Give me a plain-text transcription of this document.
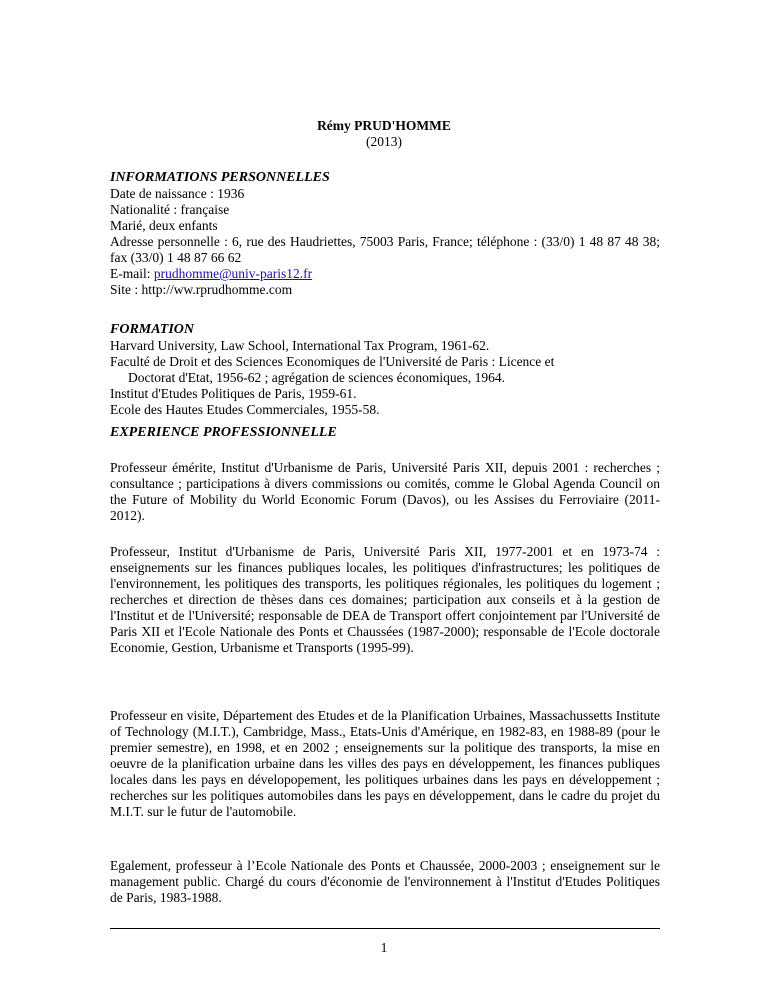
Rémy PRUD'HOMME
(2013)

INFORMATIONS PERSONNELLES

Date de naissance : 1936
Nationalité : française
Marié, deux enfants
Adresse personnelle : 6, rue des Haudriettes, 75003 Paris, France; téléphone : (33/0) 1 48 87 48 38; fax (33/0) 1 48 87 66 62
E-mail: prudhomme@univ-paris12.fr
Site : http://ww.rprudhomme.com

FORMATION

Harvard University, Law School, International Tax Program, 1961-62.
Faculté de Droit et des Sciences Economiques de l'Université de Paris : Licence et
Doctorat d'Etat, 1956-62 ; agrégation de sciences économiques, 1964.
Institut d'Etudes Politiques de Paris, 1959-61.
Ecole des Hautes Etudes Commerciales, 1955-58.

EXPERIENCE PROFESSIONNELLE

Professeur émérite, Institut d'Urbanisme de Paris, Université Paris XII, depuis 2001 : recherches ; consultance ; participations à divers commissions ou comités, comme le Global Agenda Council on the Future of Mobility du World Economic Forum (Davos), ou les Assises du Ferroviaire (2011-2012).
Professeur, Institut d'Urbanisme de Paris, Université Paris XII, 1977-2001 et en 1973-74 : enseignements sur les finances publiques locales, les politiques d'infrastructures; les politiques de l'environnement, les politiques des transports, les politiques régionales, les politiques du logement ; recherches et direction de thèses dans ces domaines; participation aux conseils et à la gestion de l'Institut et de l'Université; responsable de DEA de Transport offert conjointement par l'Université de Paris XII et l'Ecole Nationale des Ponts et Chaussées (1987-2000); responsable de l'Ecole doctorale Economie, Gestion, Urbanisme et Transports (1995-99).
Professeur en visite, Département des Etudes et de la Planification Urbaines, Massachussetts Institute of Technology (M.I.T.), Cambridge, Mass., Etats-Unis d'Amérique, en 1982-83, en 1988-89 (pour le premier semestre), en 1998, et en 2002 ; enseignements sur la politique des transports, la mise en oeuvre de la planification urbaine dans les villes des pays en développement, les finances publiques locales dans les pays en dévelopopement, les politiques urbaines dans les pays en développement ; recherches sur les politiques automobiles dans les pays en développement, dans le cadre du projet du M.I.T. sur le futur de l'automobile.
Egalement, professeur à l’Ecole Nationale des Ponts et Chaussée, 2000-2003 ; enseignement sur le management public. Chargé du cours d'économie de l'environnement à l'Institut d'Etudes Politiques de Paris, 1983-1988.
1
